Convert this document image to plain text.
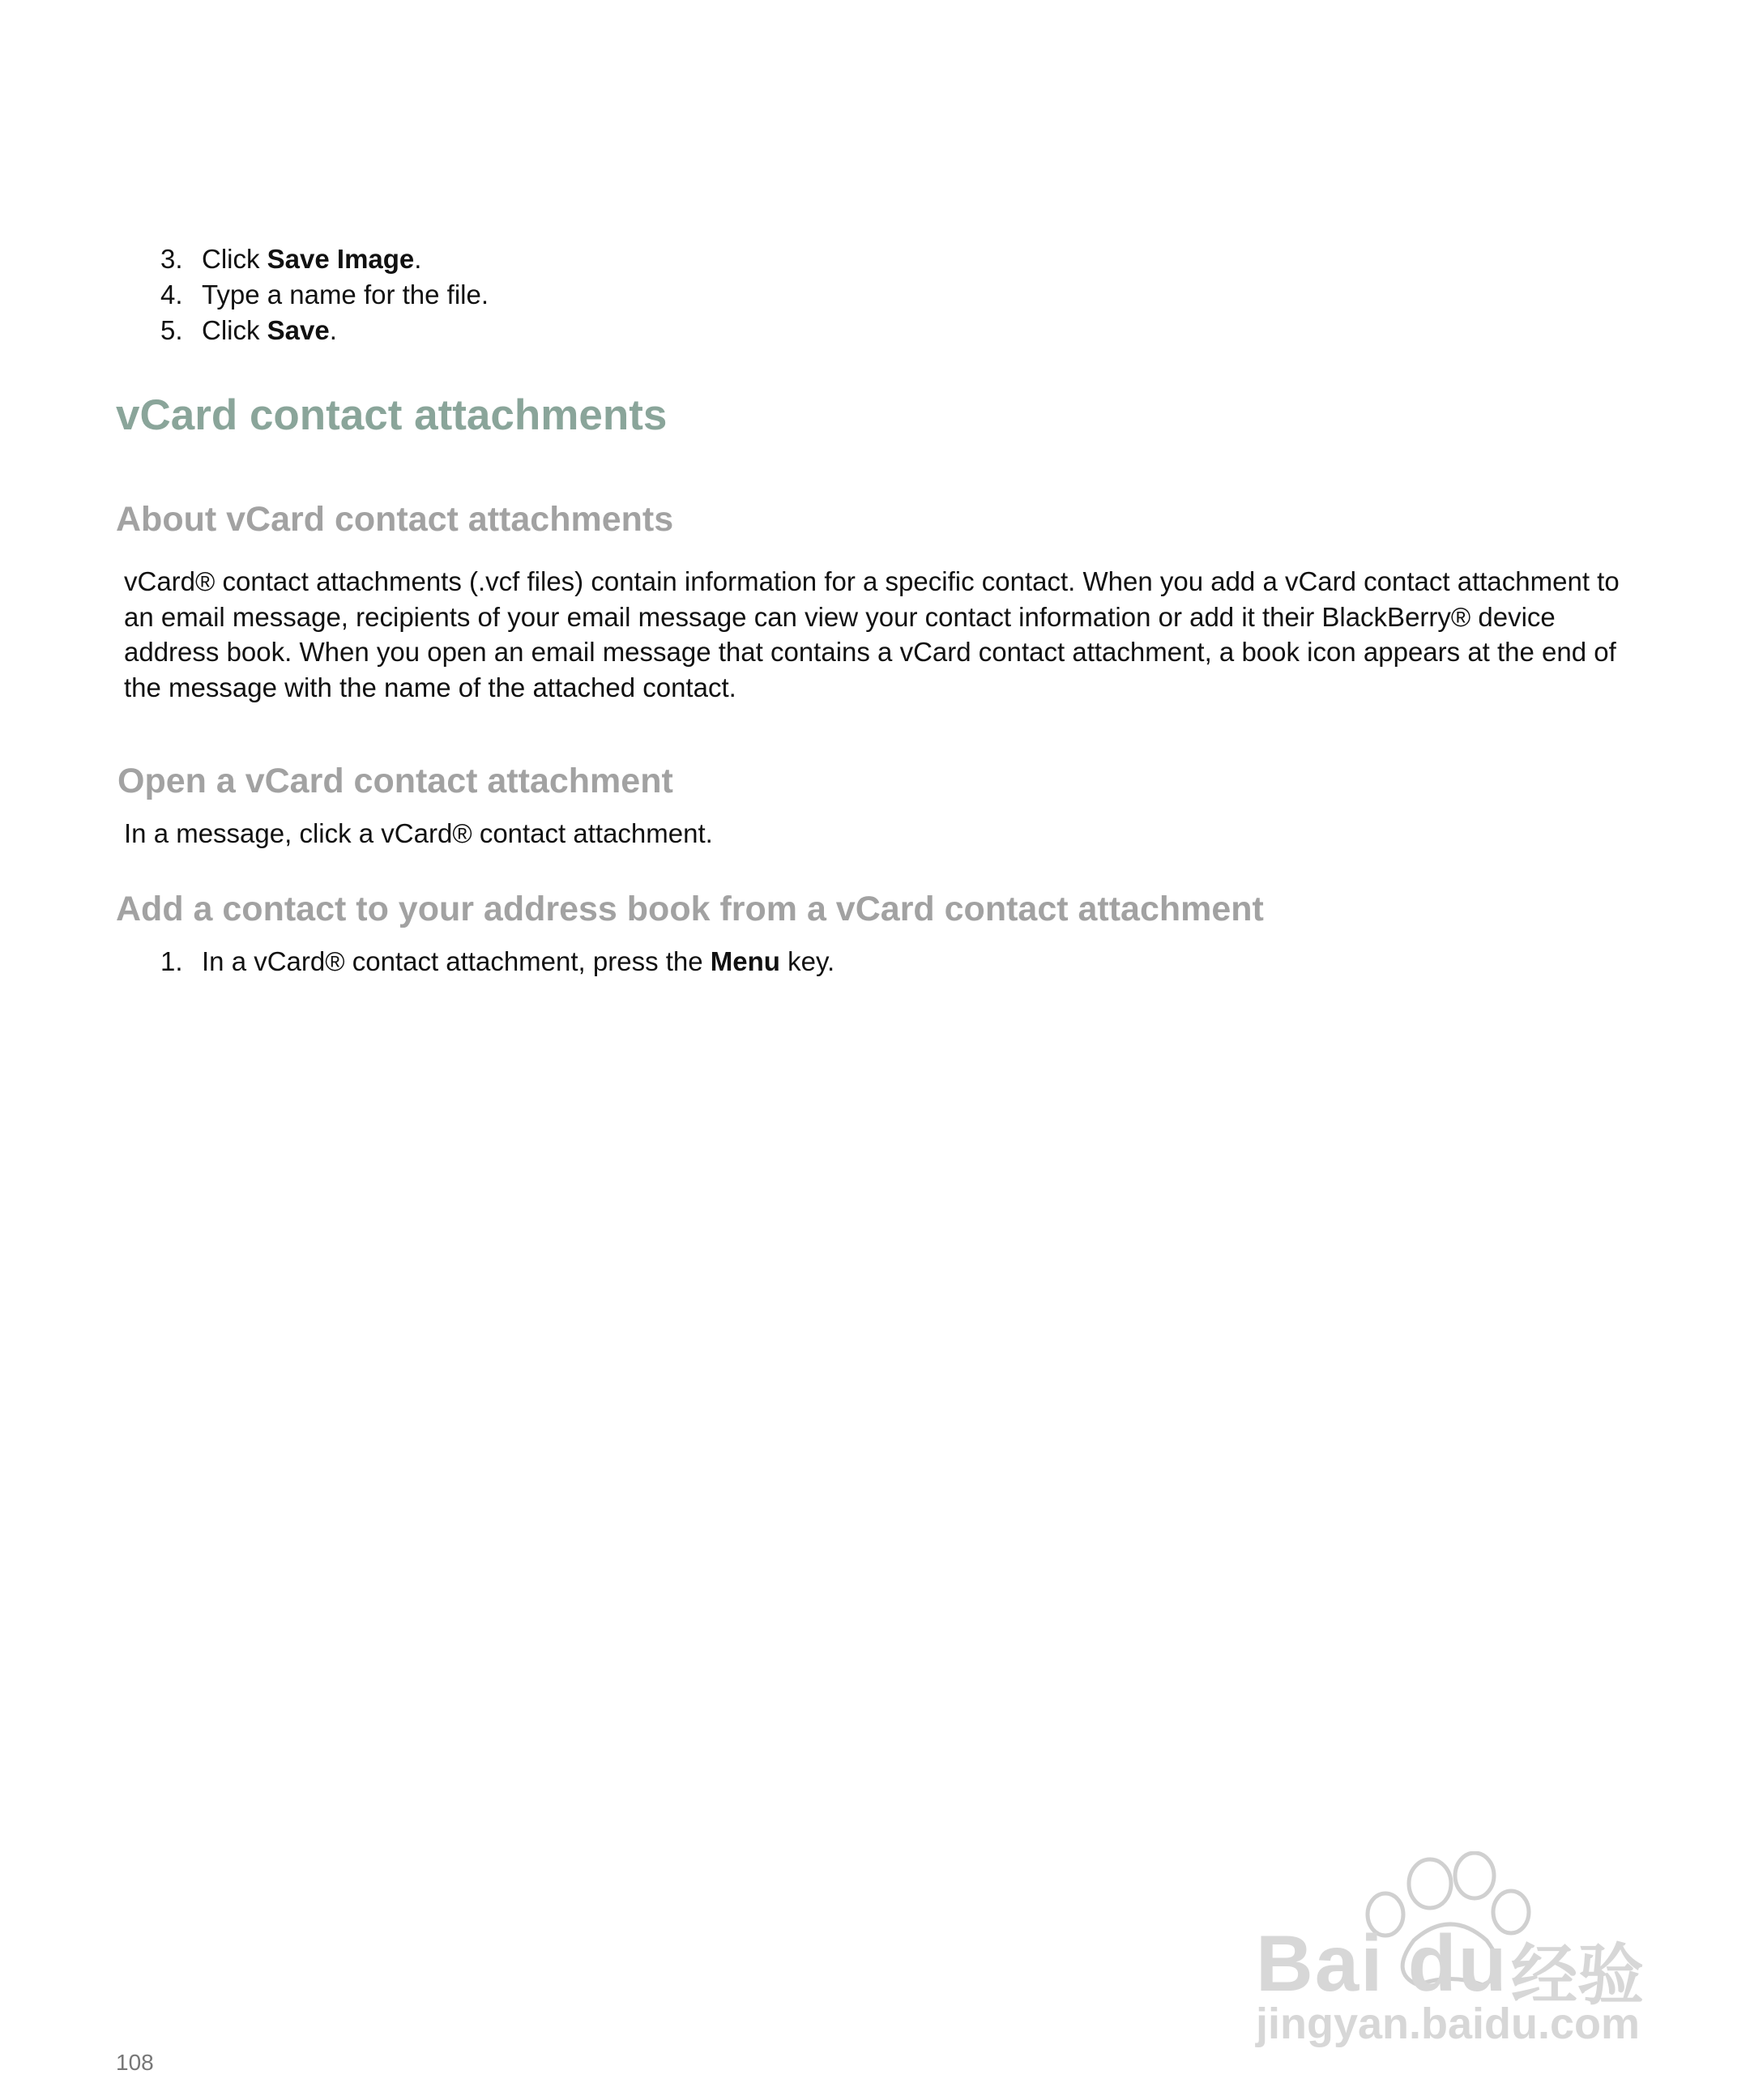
3. Click Save Image.
4. Type a name for the file.
5. Click Save.
vCard contact attachments
About vCard contact attachments
vCard® contact attachments (.vcf files) contain information for a specific contact. When you add a vCard contact attachment to an email message, recipients of your email message can view your contact information or add it their BlackBerry® device address book. When you open an email message that contains a vCard contact attachment, a book icon appears at the end of the message with the name of the attached contact.
Open a vCard contact attachment
In a message, click a vCard® contact attachment.
Add a contact to your address book from a vCard contact attachment
1. In a vCard® contact attachment, press the Menu key.
Bai du 经验
jingyan.baidu.com
108
